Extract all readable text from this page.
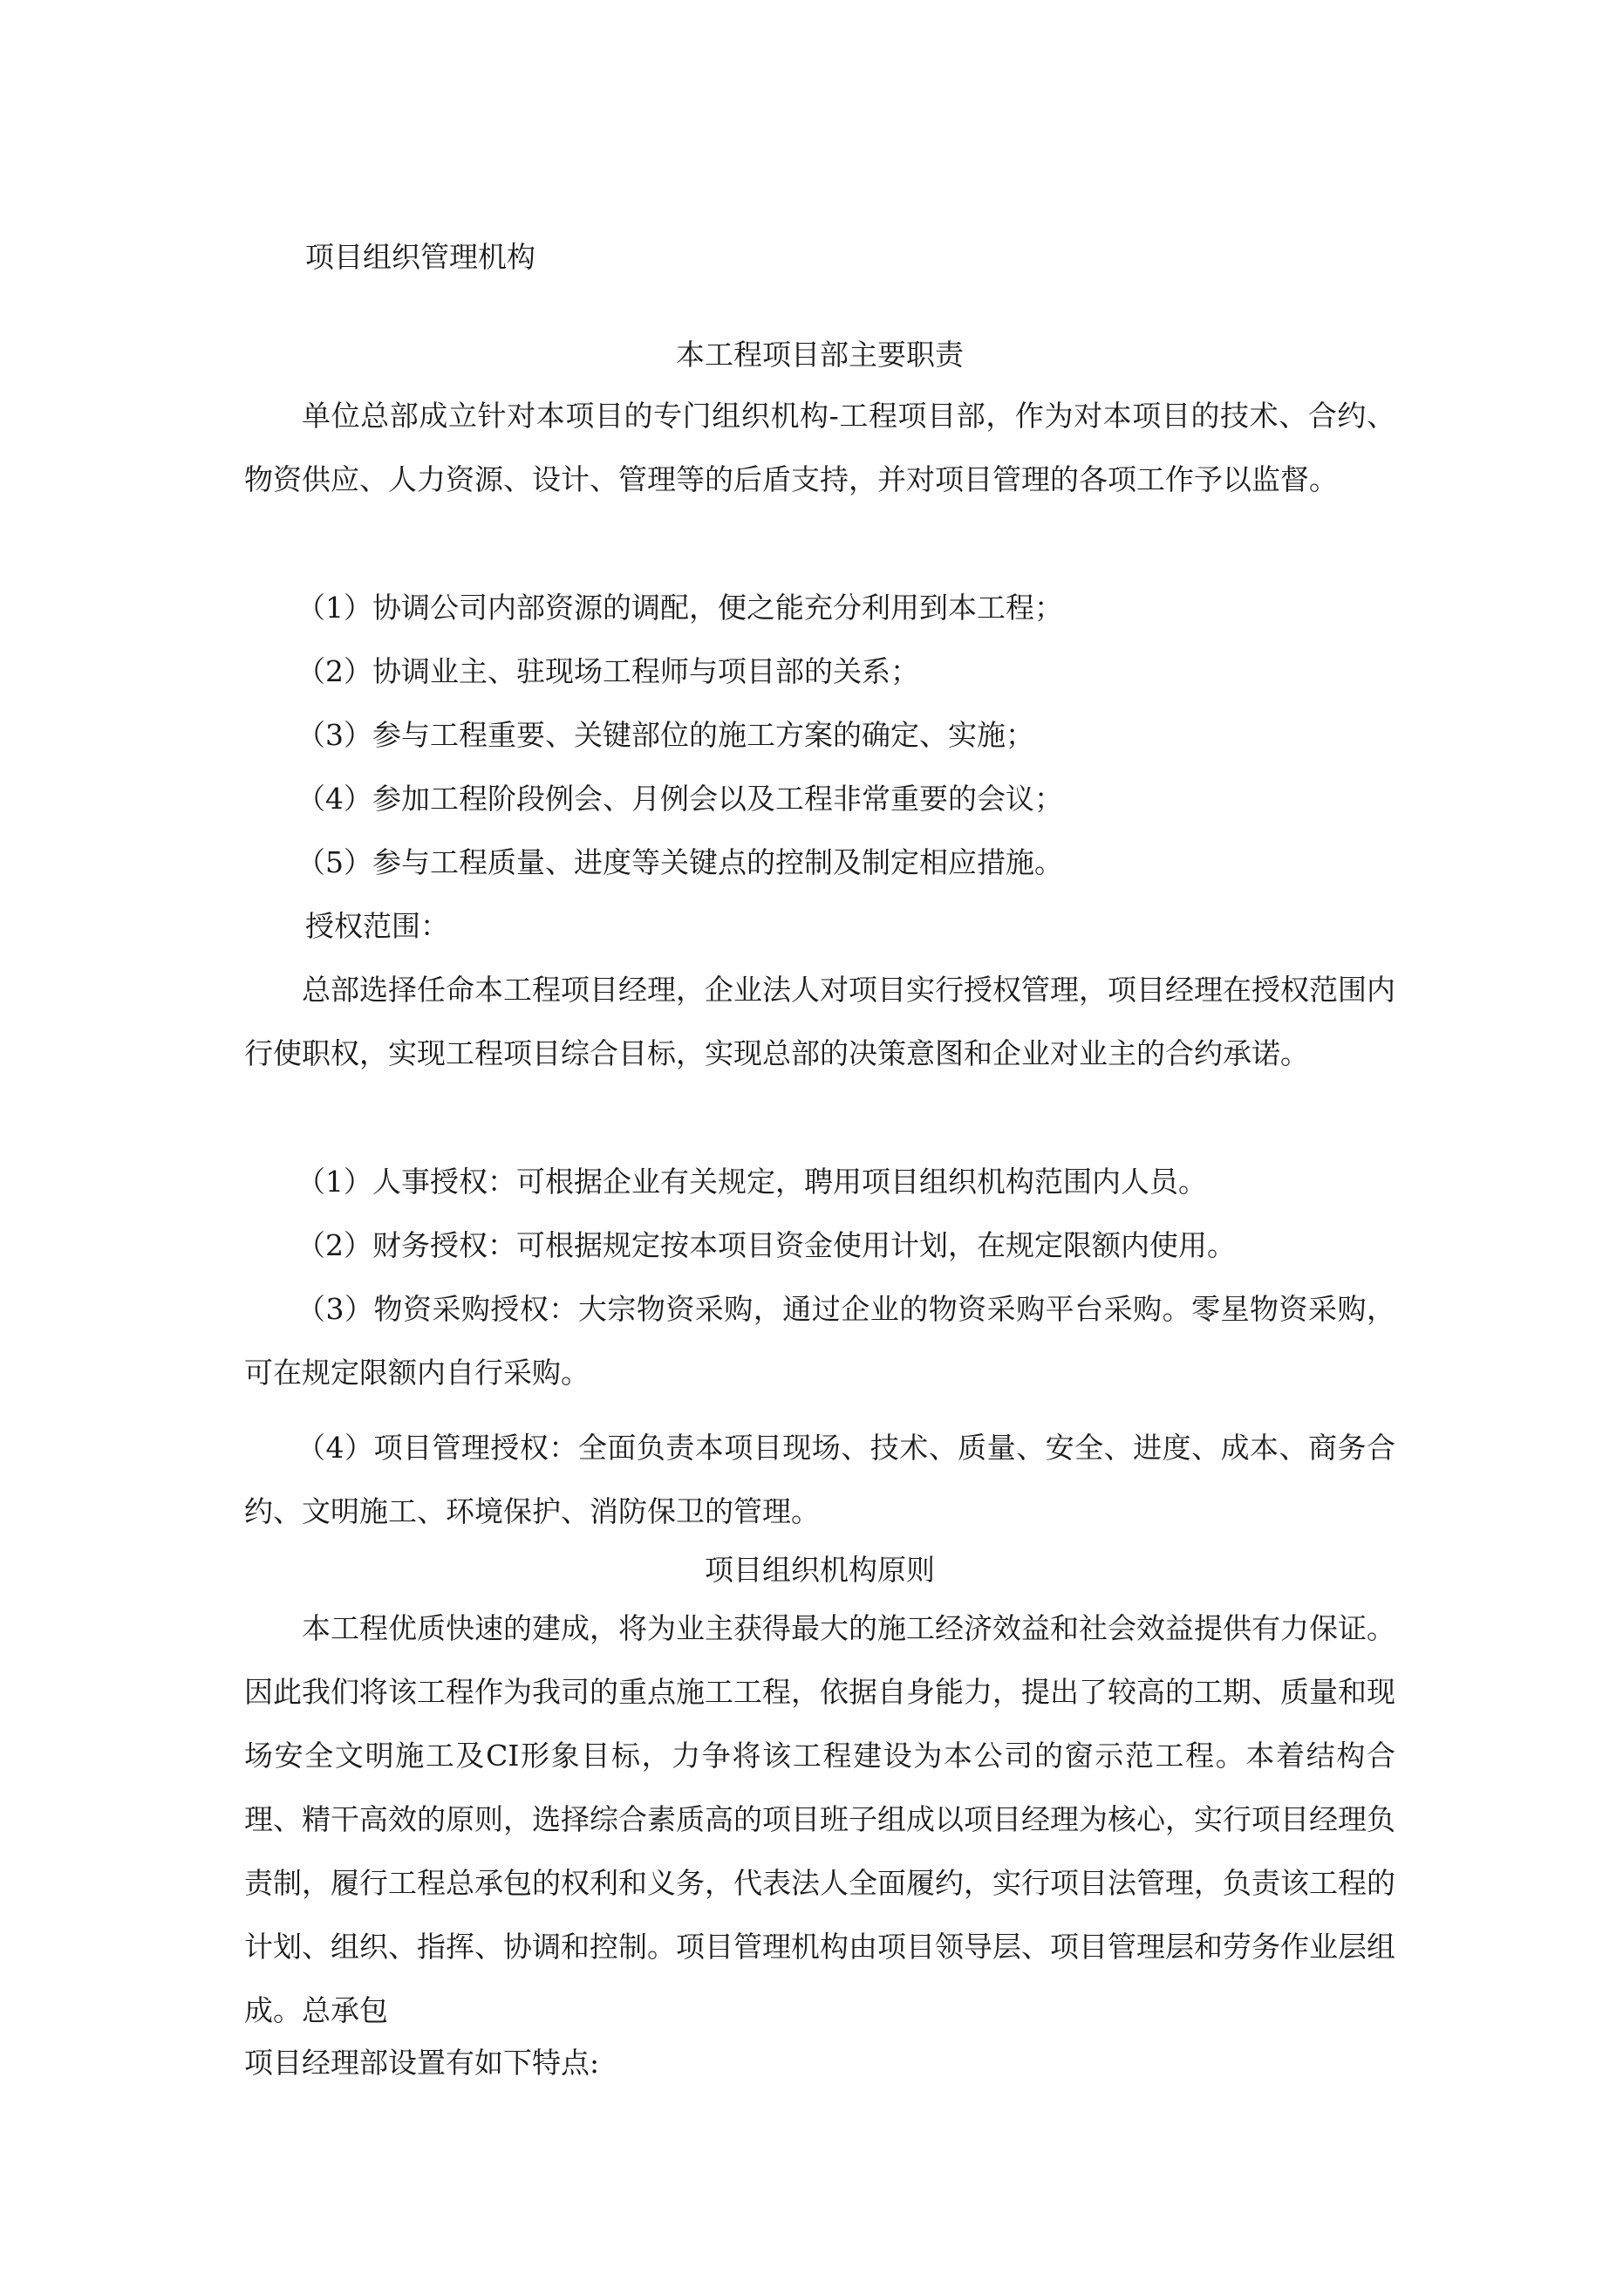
项目组织管理机构
本工程项目部主要职责
单位总部成立针对本项目的专门组织机构-工程项目部，作为对本项目的技术、合约、物资供应、人力资源、设计、管理等的后盾支持，并对项目管理的各项工作予以监督。
（1）协调公司内部资源的调配，便之能充分利用到本工程；
（2）协调业主、驻现场工程师与项目部的关系；
（3）参与工程重要、关键部位的施工方案的确定、实施；
（4）参加工程阶段例会、月例会以及工程非常重要的会议；
（5）参与工程质量、进度等关键点的控制及制定相应措施。
授权范围：
总部选择任命本工程项目经理，企业法人对项目实行授权管理，项目经理在授权范围内行使职权，实现工程项目综合目标，实现总部的决策意图和企业对业主的合约承诺。
（1）人事授权：可根据企业有关规定，聘用项目组织机构范围内人员。
（2）财务授权：可根据规定按本项目资金使用计划，在规定限额内使用。
（3）物资采购授权：大宗物资采购，通过企业的物资采购平台采购。零星物资采购，可在规定限额内自行采购。
（4）项目管理授权：全面负责本项目现场、技术、质量、安全、进度、成本、商务合约、文明施工、环境保护、消防保卫的管理。
项目组织机构原则
本工程优质快速的建成，将为业主获得最大的施工经济效益和社会效益提供有力保证。因此我们将该工程作为我司的重点施工工程，依据自身能力，提出了较高的工期、质量和现场安全文明施工及CI形象目标，力争将该工程建设为本公司的窗示范工程。本着结构合理、精干高效的原则，选择综合素质高的项目班子组成以项目经理为核心，实行项目经理负责制，履行工程总承包的权利和义务，代表法人全面履约，实行项目法管理，负责该工程的计划、组织、指挥、协调和控制。项目管理机构由项目领导层、项目管理层和劳务作业层组成。总承包
项目经理部设置有如下特点:
